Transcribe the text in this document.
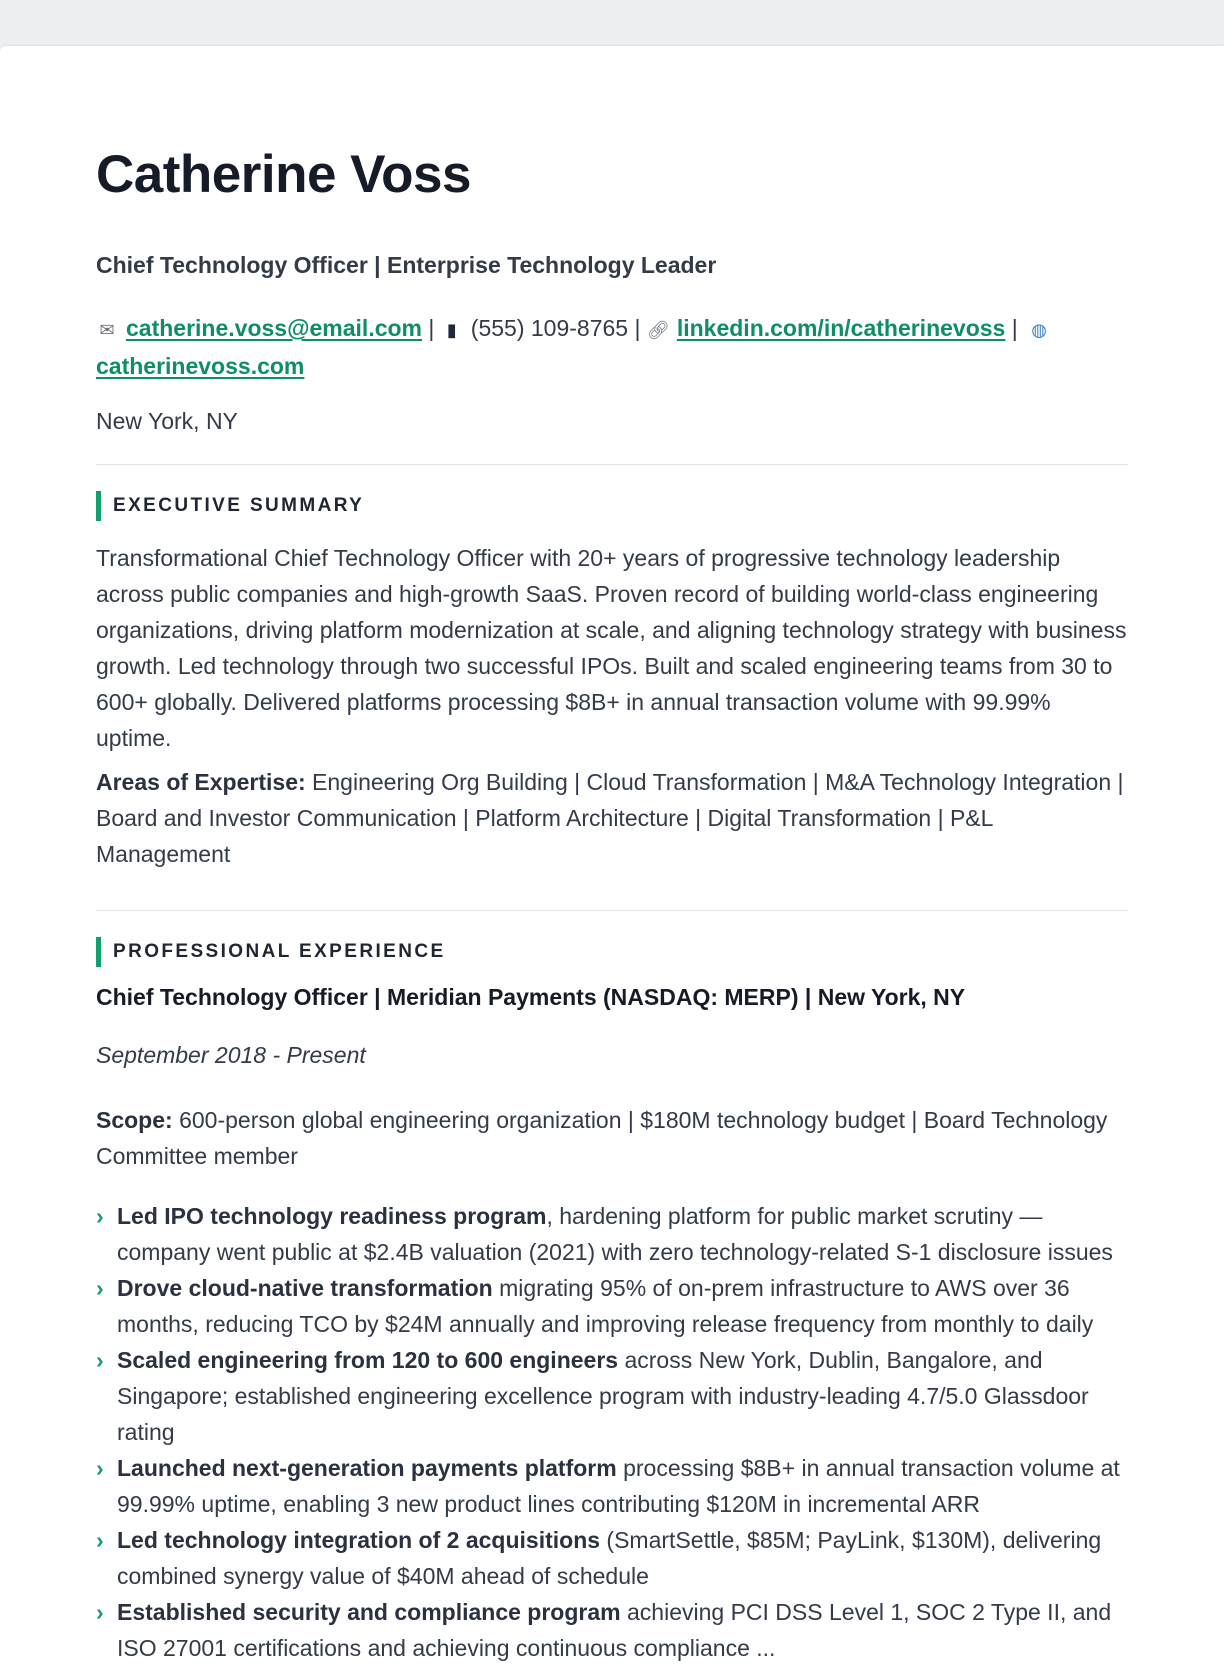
Catherine Voss
Chief Technology Officer | Enterprise Technology Leader
✉ catherine.voss@email.com | ▮ (555) 109-8765 | 🔗︎ linkedin.com/in/catherinevoss | ◍
catherinevoss.com
New York, NY
EXECUTIVE SUMMARY

Transformational Chief Technology Officer with 20+ years of progressive technology leadership across public companies and high-growth SaaS. Proven record of building world-class engineering organizations, driving platform modernization at scale, and aligning technology strategy with business growth. Led technology through two successful IPOs. Built and scaled engineering teams from 30 to 600+ globally. Delivered platforms processing $8B+ in annual transaction volume with 99.99% uptime.

Areas of Expertise: Engineering Org Building | Cloud Transformation | M&A Technology Integration | Board and Investor Communication | Platform Architecture | Digital Transformation | P&L Management

PROFESSIONAL EXPERIENCE
Chief Technology Officer | Meridian Payments (NASDAQ: MERP) | New York, NY
September 2018 - Present

Scope: 600-person global engineering organization | $180M technology budget | Board Technology Committee member

› Led IPO technology readiness program, hardening platform for public market scrutiny — company went public at $2.4B valuation (2021) with zero technology-related S-1 disclosure issues
› Drove cloud-native transformation migrating 95% of on-prem infrastructure to AWS over 36 months, reducing TCO by $24M annually and improving release frequency from monthly to daily
› Scaled engineering from 120 to 600 engineers across New York, Dublin, Bangalore, and Singapore; established engineering excellence program with industry-leading 4.7/5.0 Glassdoor rating
› Launched next-generation payments platform processing $8B+ in annual transaction volume at 99.99% uptime, enabling 3 new product lines contributing $120M in incremental ARR
› Led technology integration of 2 acquisitions (SmartSettle, $85M; PayLink, $130M), delivering combined synergy value of $40M ahead of schedule
› Established security and compliance program achieving PCI DSS Level 1, SOC 2 Type II, and ISO 27001 certifications and achieving continuous compliance ...
